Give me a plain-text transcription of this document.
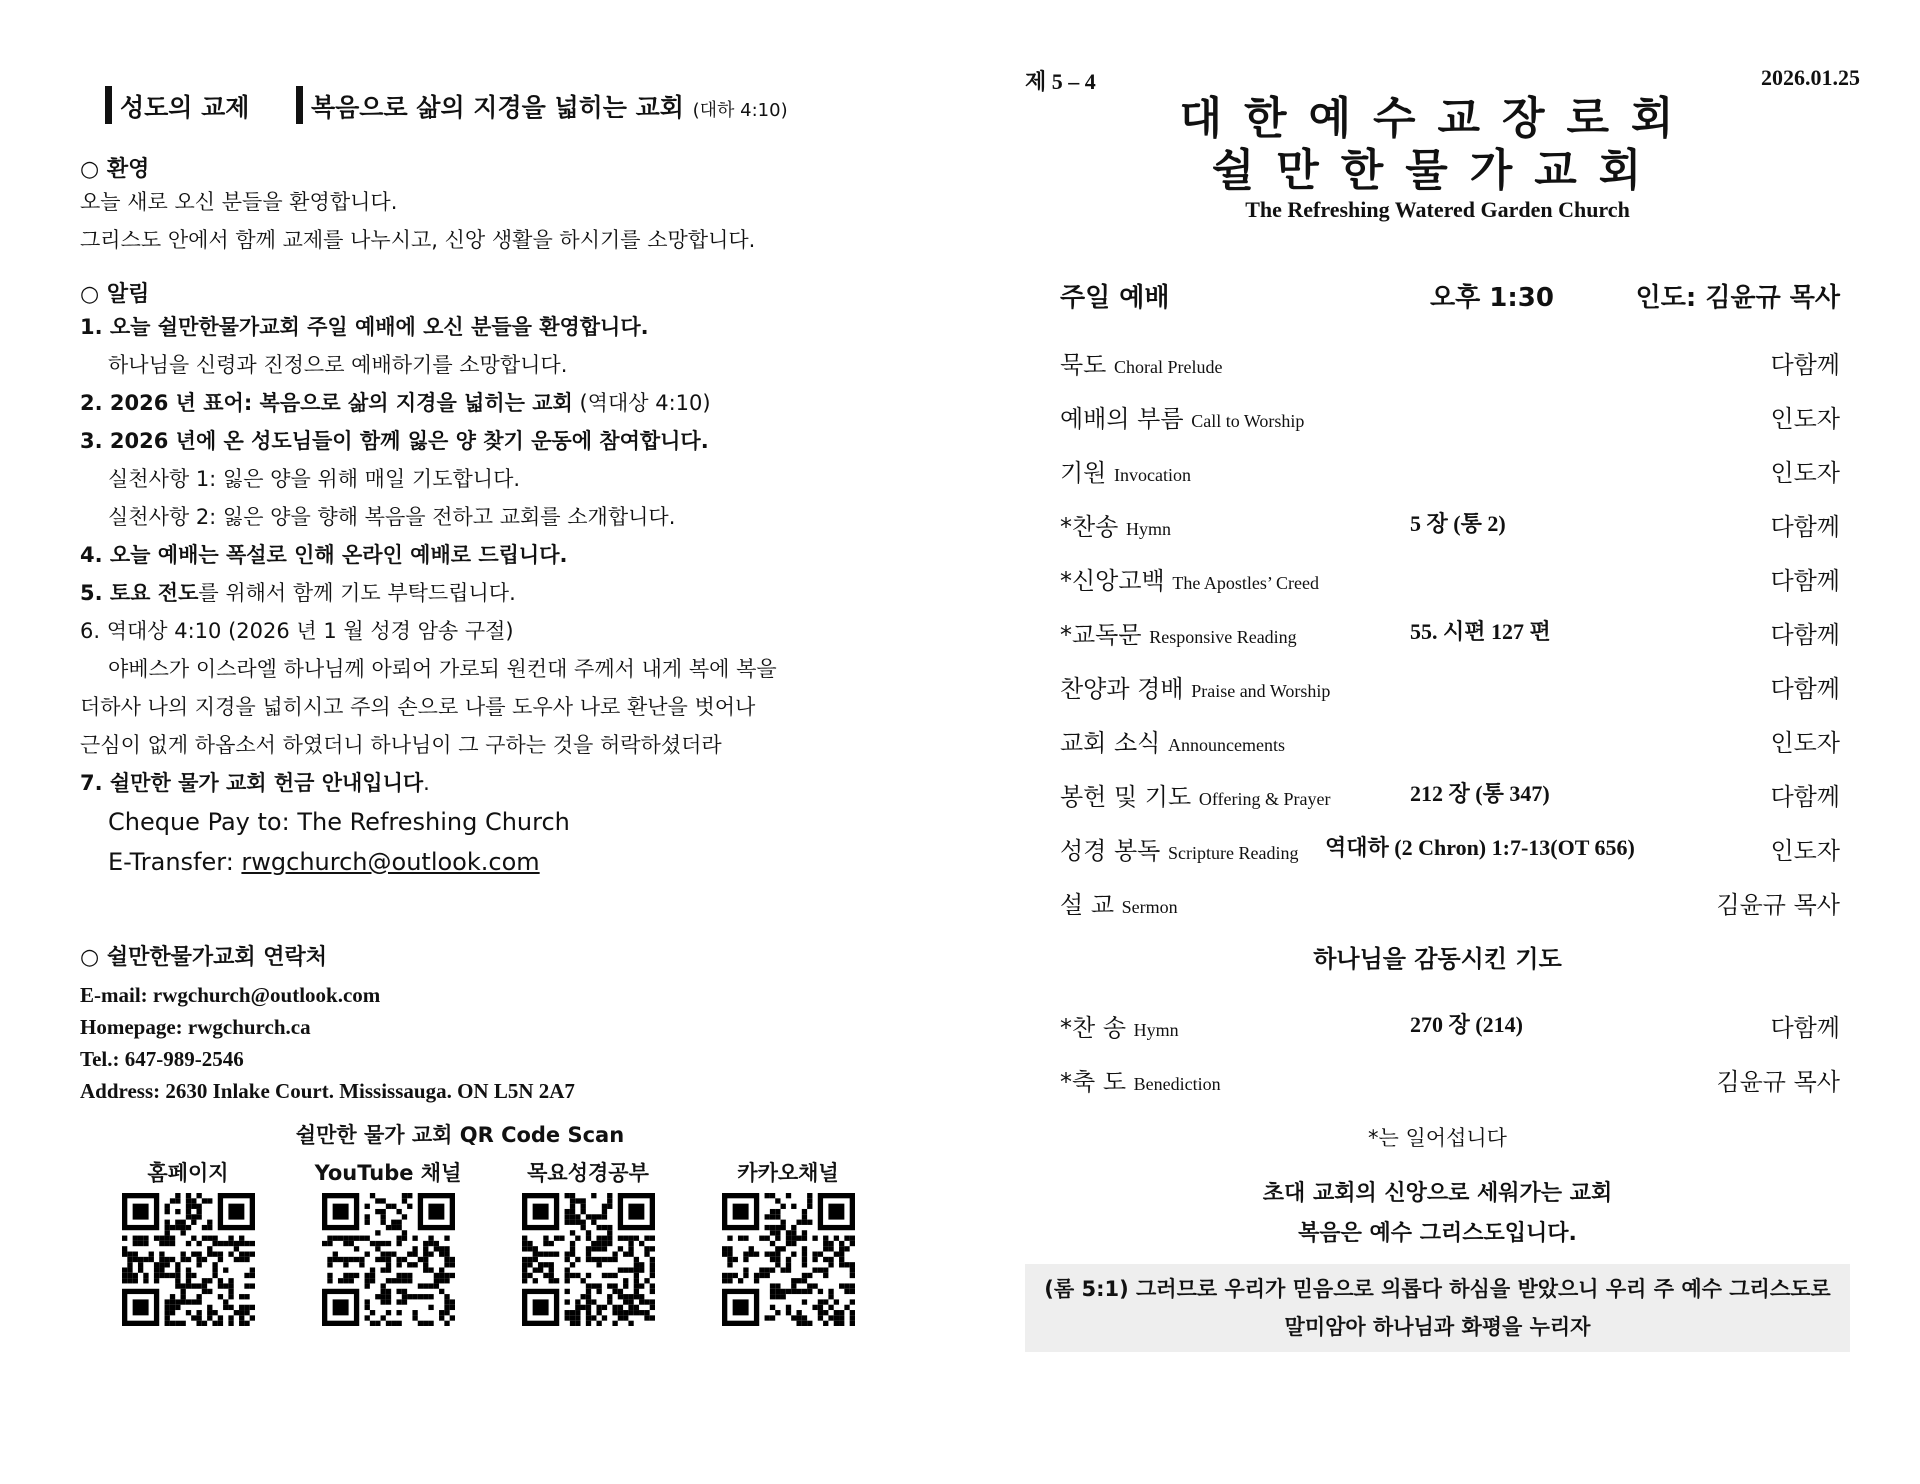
성도의 교제 복음으로 삶의 지경을 넓히는 교회 (대하 4:10)
○ 환영
오늘 새로 오신 분들을 환영합니다.
그리스도 안에서 함께 교제를 나누시고, 신앙 생활을 하시기를 소망합니다.
○ 알림
1. 오늘 쉴만한물가교회 주일 예배에 오신 분들을 환영합니다.
하나님을 신령과 진정으로 예배하기를 소망합니다.
2. 2026 년 표어: 복음으로 삶의 지경을 넓히는 교회 (역대상 4:10)
3. 2026 년에 온 성도님들이 함께 잃은 양 찾기 운동에 참여합니다.
실천사항 1: 잃은 양을 위해 매일 기도합니다.
실천사항 2: 잃은 양을 향해 복음을 전하고 교회를 소개합니다.
4. 오늘 예배는 폭설로 인해 온라인 예배로 드립니다.
5. 토요 전도를 위해서 함께 기도 부탁드립니다.
6. 역대상 4:10 (2026 년 1 월 성경 암송 구절)
야베스가 이스라엘 하나님께 아뢰어 가로되 원컨대 주께서 내게 복에 복을
더하사 나의 지경을 넓히시고 주의 손으로 나를 도우사 나로 환난을 벗어나
근심이 없게 하옵소서 하였더니 하나님이 그 구하는 것을 허락하셨더라
7. 쉴만한 물가 교회 헌금 안내입니다.
Cheque Pay to: The Refreshing Church
E-Transfer: rwgchurch@outlook.com
○ 쉴만한물가교회 연락처
E-mail: rwgchurch@outlook.com
Homepage: rwgchurch.ca
Tel.: 647-989-2546
Address: 2630 Inlake Court. Mississauga. ON L5N 2A7
쉴만한 물가 교회 QR Code Scan
홈페이지	YouTube 채널	목요성경공부	카카오채널
제 5 – 4	2026.01.25
대한예수교장로회
쉴만한물가교회
The Refreshing Watered Garden Church
주일 예배	오후 1:30	인도: 김윤규 목사
묵도 Choral Prelude	다함께
예배의 부름 Call to Worship	인도자
기원 Invocation	인도자
*찬송 Hymn	5 장 (통 2)	다함께
*신앙고백 The Apostles’ Creed	다함께
*교독문 Responsive Reading	55. 시편 127 편	다함께
찬양과 경배 Praise and Worship	다함께
교회 소식 Announcements	인도자
봉헌 및 기도 Offering & Prayer	212 장 (통 347)	다함께
성경 봉독 Scripture Reading 역대하 (2 Chron) 1:7-13(OT 656)	인도자
설 교 Sermon	김윤규 목사
하나님을 감동시킨 기도
*찬 송 Hymn	270 장 (214)	다함께
*축 도 Benediction	김윤규 목사
*는 일어섭니다
초대 교회의 신앙으로 세워가는 교회
복음은 예수 그리스도입니다.
(롬 5:1) 그러므로 우리가 믿음으로 의롭다 하심을 받았으니 우리 주 예수 그리스도로
말미암아 하나님과 화평을 누리자
